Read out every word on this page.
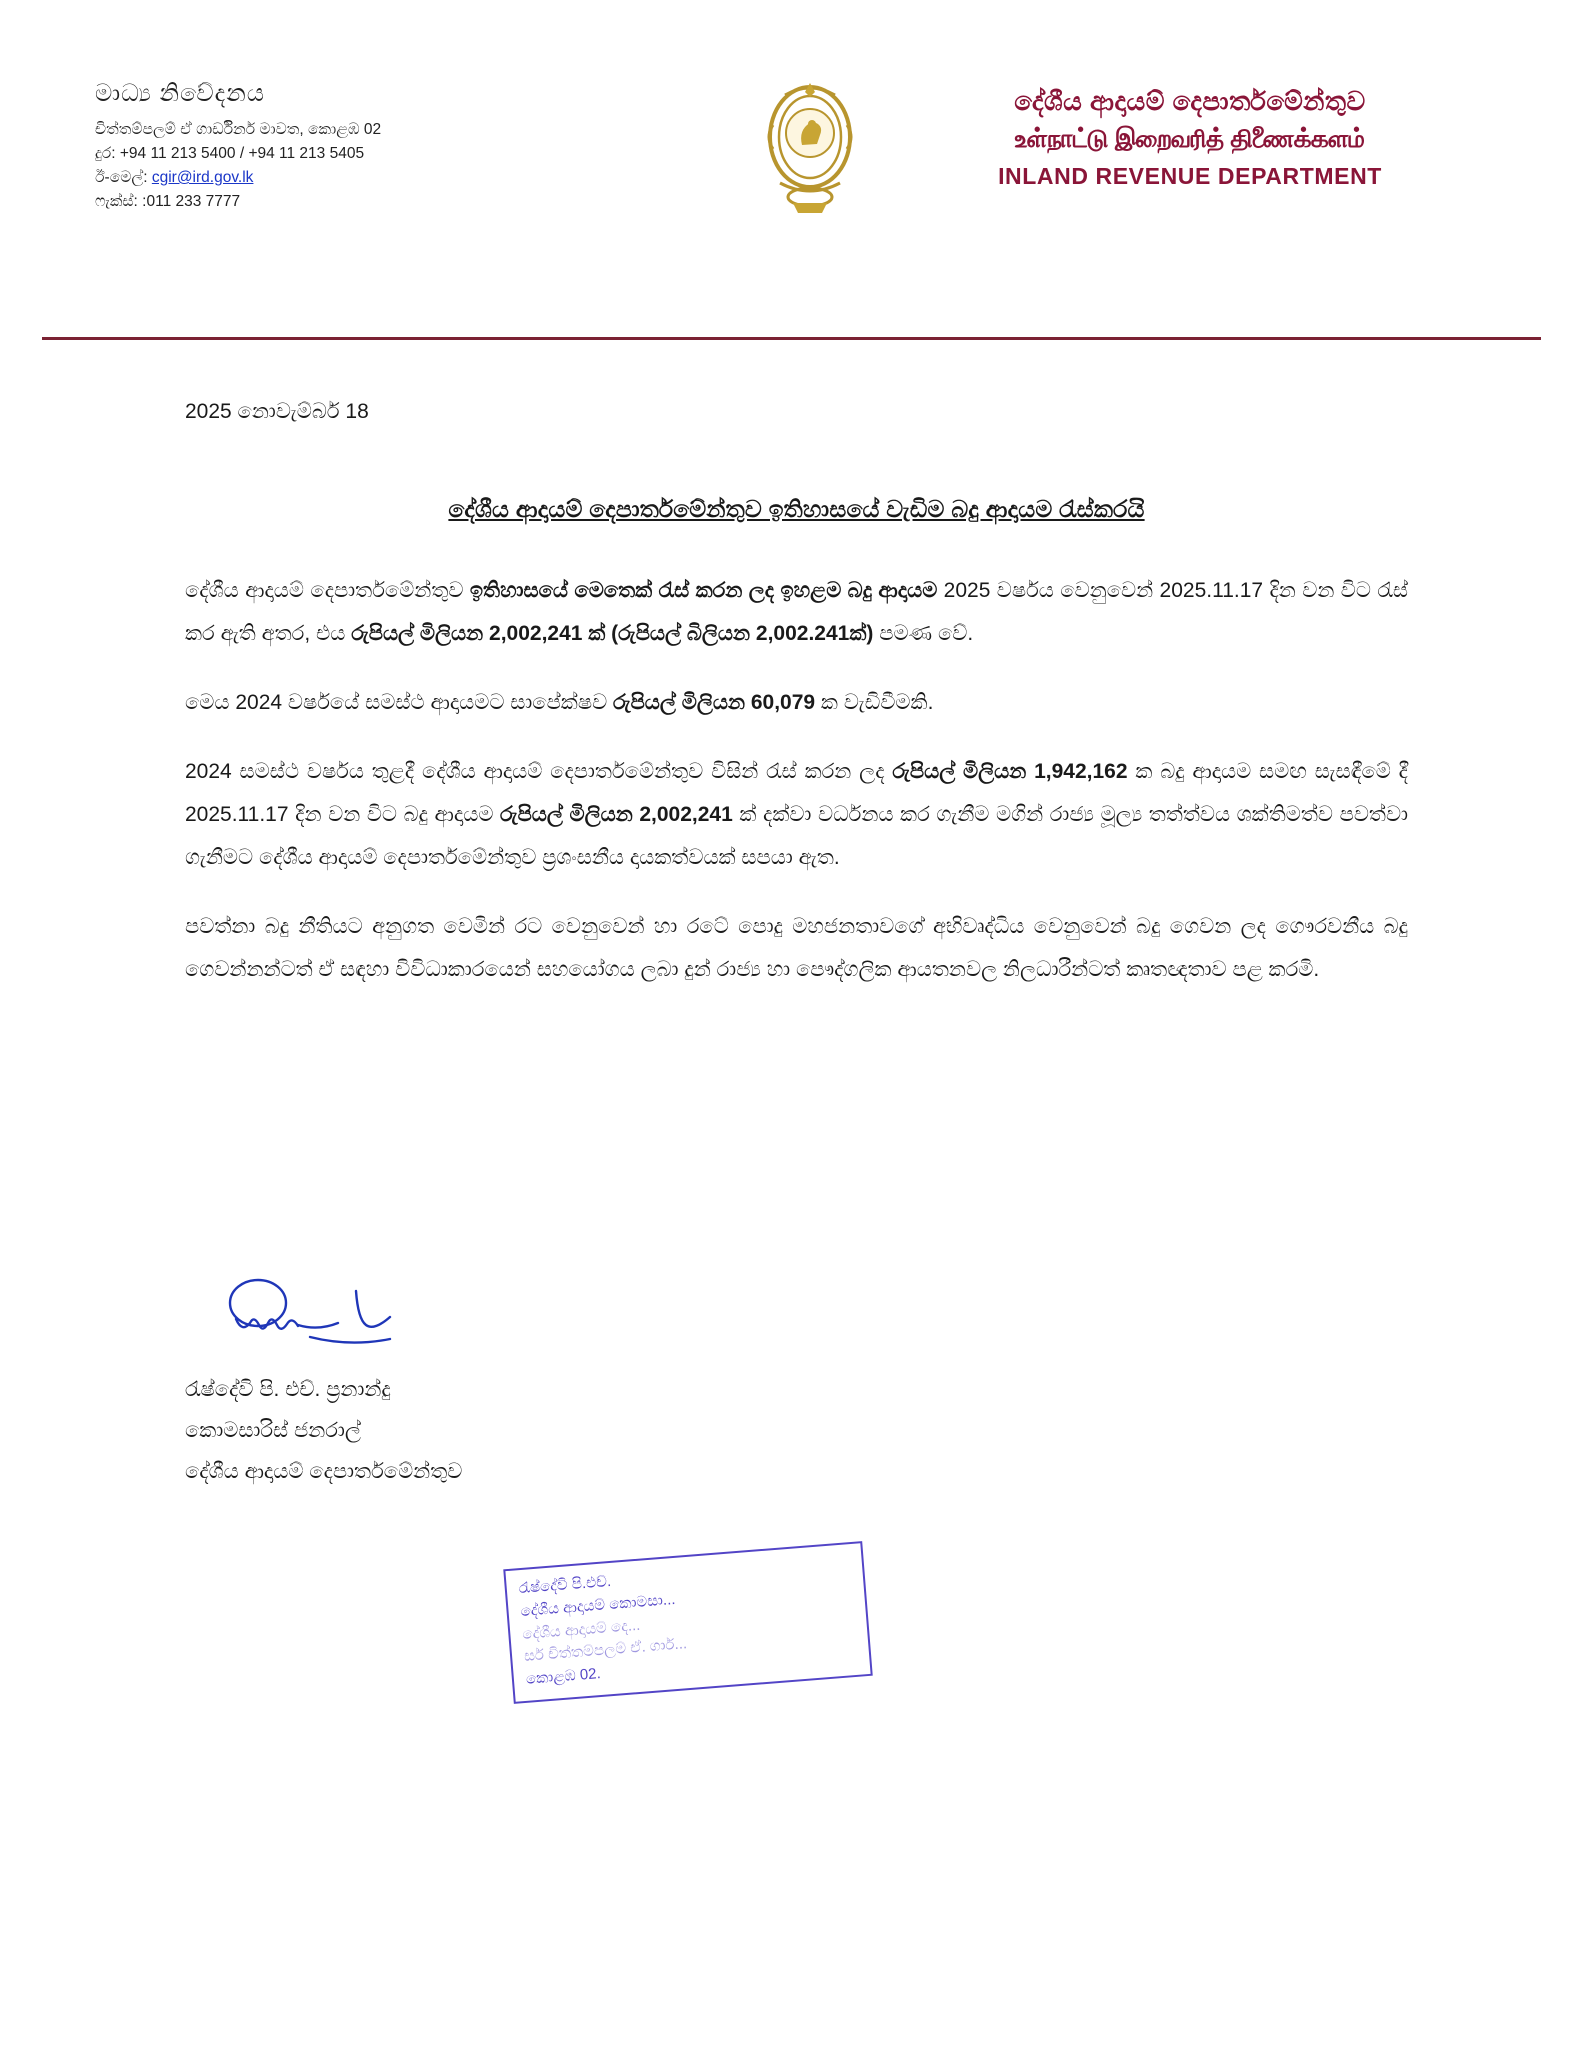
මාධ්‍ය නිවේදනය
චිත්තම්පලම් ඒ ගාර්ඩිනර් මාවත, කොළඹ 02
දුර: +94 11 213 5400 / +94 11 213 5405
ඊ-මෙල්: cgir@ird.gov.lk
ෆැක්ස්: :011 233 7777
දේශීය ආදායම් දෙපාර්තමේන්තුව
உள்நாட்டு இறைவரித் திணைக்களம்
INLAND REVENUE DEPARTMENT
2025 නොවැම්බර් 18
දේශීය ආදායම් දෙපාර්තමේන්තුව ඉතිහාසයේ වැඩිම බදු ආදායම රැස්කරයි

දේශීය ආදායම් දෙපාර්තමේන්තුව ඉතිහාසයේ මෙතෙක් රැස් කරන ලද ඉහළම බදු ආදායම 2025 වර්ෂය වෙනුවෙන් 2025.11.17 දින වන විට රැස් කර ඇති අතර, එය රුපියල් මිලියන 2,002,241 ක් (රුපියල් බිලියන 2,002.241ක්) පමණ වේ.

මෙය 2024 වර්ෂයේ සමස්ථ ආදායමට සාපේක්ෂව රුපියල් මිලියන 60,079 ක වැඩිවීමකි.

2024 සමස්ථ වර්ෂය තුළදී දේශීය ආදායම් දෙපාර්තමේන්තුව විසින් රැස් කරන ලද රුපියල් මිලියන 1,942,162 ක බදු ආදායම සමඟ සැසඳීමේ දී 2025.11.17 දින වන විට බදු ආදායම රුපියල් මිලියන 2,002,241 ක් දක්වා වර්ධනය කර ගැනීම මගින් රාජ්‍ය මූල්‍ය තත්ත්වය ශක්තිමත්ව පවත්වා ගැනීමට දේශීය ආදායම් දෙපාර්තමේන්තුව ප්‍රශංසනීය දායකත්වයක් සපයා ඇත.

පවත්නා බදු නීතියට අනුගත වෙමින් රට වෙනුවෙන් හා රටේ පොදු මහජනතාවගේ අභිවෘද්ධිය වෙනුවෙන් බදු ගෙවන ලද ගෞරවනීය බදු ගෙවන්නන්ටත් ඒ සඳහා විවිධාකාරයෙන් සහයෝගය ලබා දුන් රාජ්‍ය හා පෞද්ගලික ආයතනවල නිලධාරීන්ටත් කෘතඥතාව පළ කරමි.

රැෂ්දේවි පි. එච්. ප්‍රනාන්දු
කොමසාරිස් ජනරාල්
දේශීය ආදායම් දෙපාර්තමේන්තුව
රැෂ්දේවි පි.එච්.
දේශීය ආදායම් කොමසා...
දේශීය ආදායම් දෙ...
සර් චිත්තම්පලම් ඒ. ගාර්...
කොළඹ 02.
